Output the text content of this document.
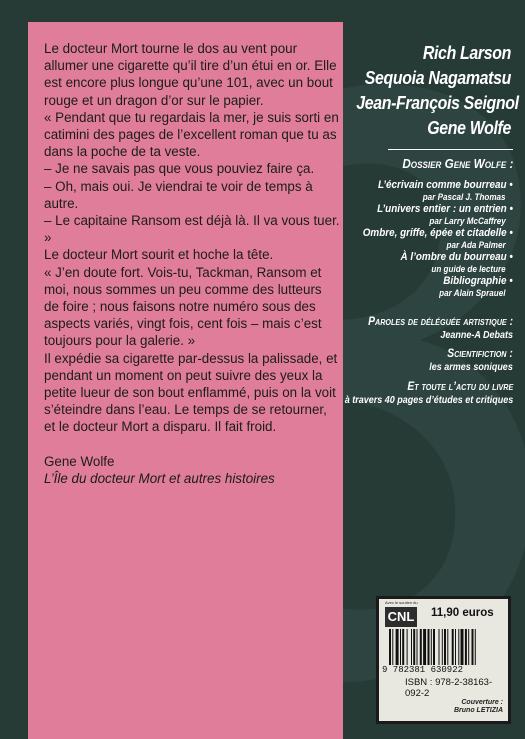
Le docteur Mort tourne le dos au vent pour allumer une cigarette qu’il tire d’un étui en or. Elle est encore plus longue qu’une 101, avec un bout rouge et un dragon d’or sur le papier.

« Pendant que tu regardais la mer, je suis sorti en catimini des pages de l’excellent roman que tu as dans la poche de ta veste.

– Je ne savais pas que vous pouviez faire ça.

– Oh, mais oui. Je viendrai te voir de temps à autre.

– Le capitaine Ransom est déjà là. Il va vous tuer. »

Le docteur Mort sourit et hoche la tête.

« J’en doute fort. Vois-tu, Tackman, Ransom et moi, nous sommes un peu comme des lutteurs de foire ; nous faisons notre numéro sous des aspects variés, vingt fois, cent fois – mais c’est toujours pour la galerie. »

Il expédie sa cigarette par-dessus la palissade, et pendant un moment on peut suivre des yeux la petite lueur de son bout enflammé, puis on la voit s’éteindre dans l’eau. Le temps de se retourner, et le docteur Mort a disparu. Il fait froid.

Gene Wolfe

L’Île du docteur Mort et autres histoires

Rich Larson
Sequoia Nagamatsu
Jean-François Seignol
Gene Wolfe
Dossier Gene Wolfe :
L’écrivain comme bourreau •
par Pascal J. Thomas
L’univers entier : un entrien •
par Larry McCaffrey
Ombre, griffe, épée et citadelle •
par Ada Palmer
À l’ombre du bourreau •
un guide de lecture
Bibliographie •
par Alain Sprauel
Paroles de déléguée artistique :
Jeanne-A Debats
Scientifiction :
les armes soniques
Et toute l’actu du livre
à travers 40 pages d’études et critiques
Avec le soutien du
CNL 11,90 euros
9 782381 630922
ISBN : 978-2-38163-092-2
Couverture :
Bruno LETIZIA
